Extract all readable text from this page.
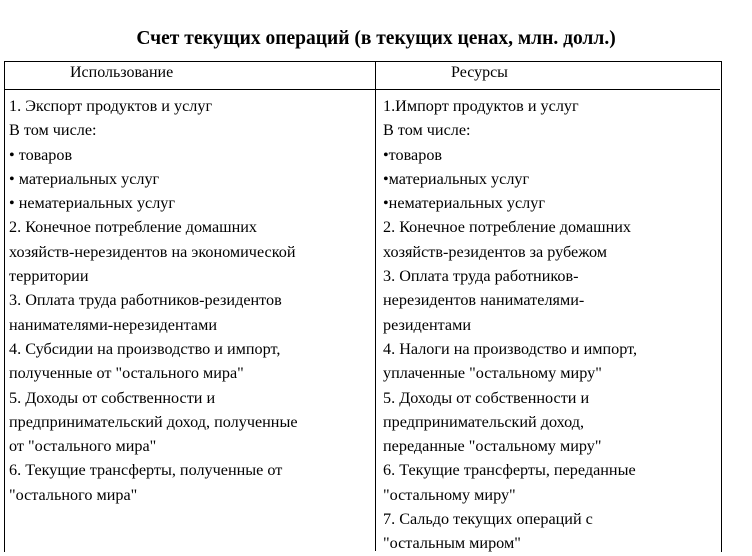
Счет текущих операций (в текущих ценах, млн. долл.)
Использование	Ресурсы
1. Экспорт продуктов и услуг
В том числе:
• товаров
• материальных услуг
• нематериальных услуг
2. Конечное потребление домашних
хозяйств-нерезидентов на экономической
территории
3. Оплата труда работников-резидентов
нанимателями-нерезидентами
4. Субсидии на производство и импорт,
полученные от "остального мира"
5. Доходы от собственности и
предпринимательский доход, полученные
от "остального мира"
6. Текущие трансферты, полученные от
"остального мира"
1.Импорт продуктов и услуг
В том числе:
•товаров
•материальных услуг
•нематериальных услуг
2. Конечное потребление домашних
хозяйств-резидентов за рубежом
3. Оплата труда работников-
нерезидентов нанимателями-
резидентами
4. Налоги на производство и импорт,
уплаченные "остальному миру"
5. Доходы от собственности и
предпринимательский доход,
переданные "остальному миру"
6. Текущие трансферты, переданные
"остальному миру"
7. Сальдо текущих операций с
"остальным миром"
